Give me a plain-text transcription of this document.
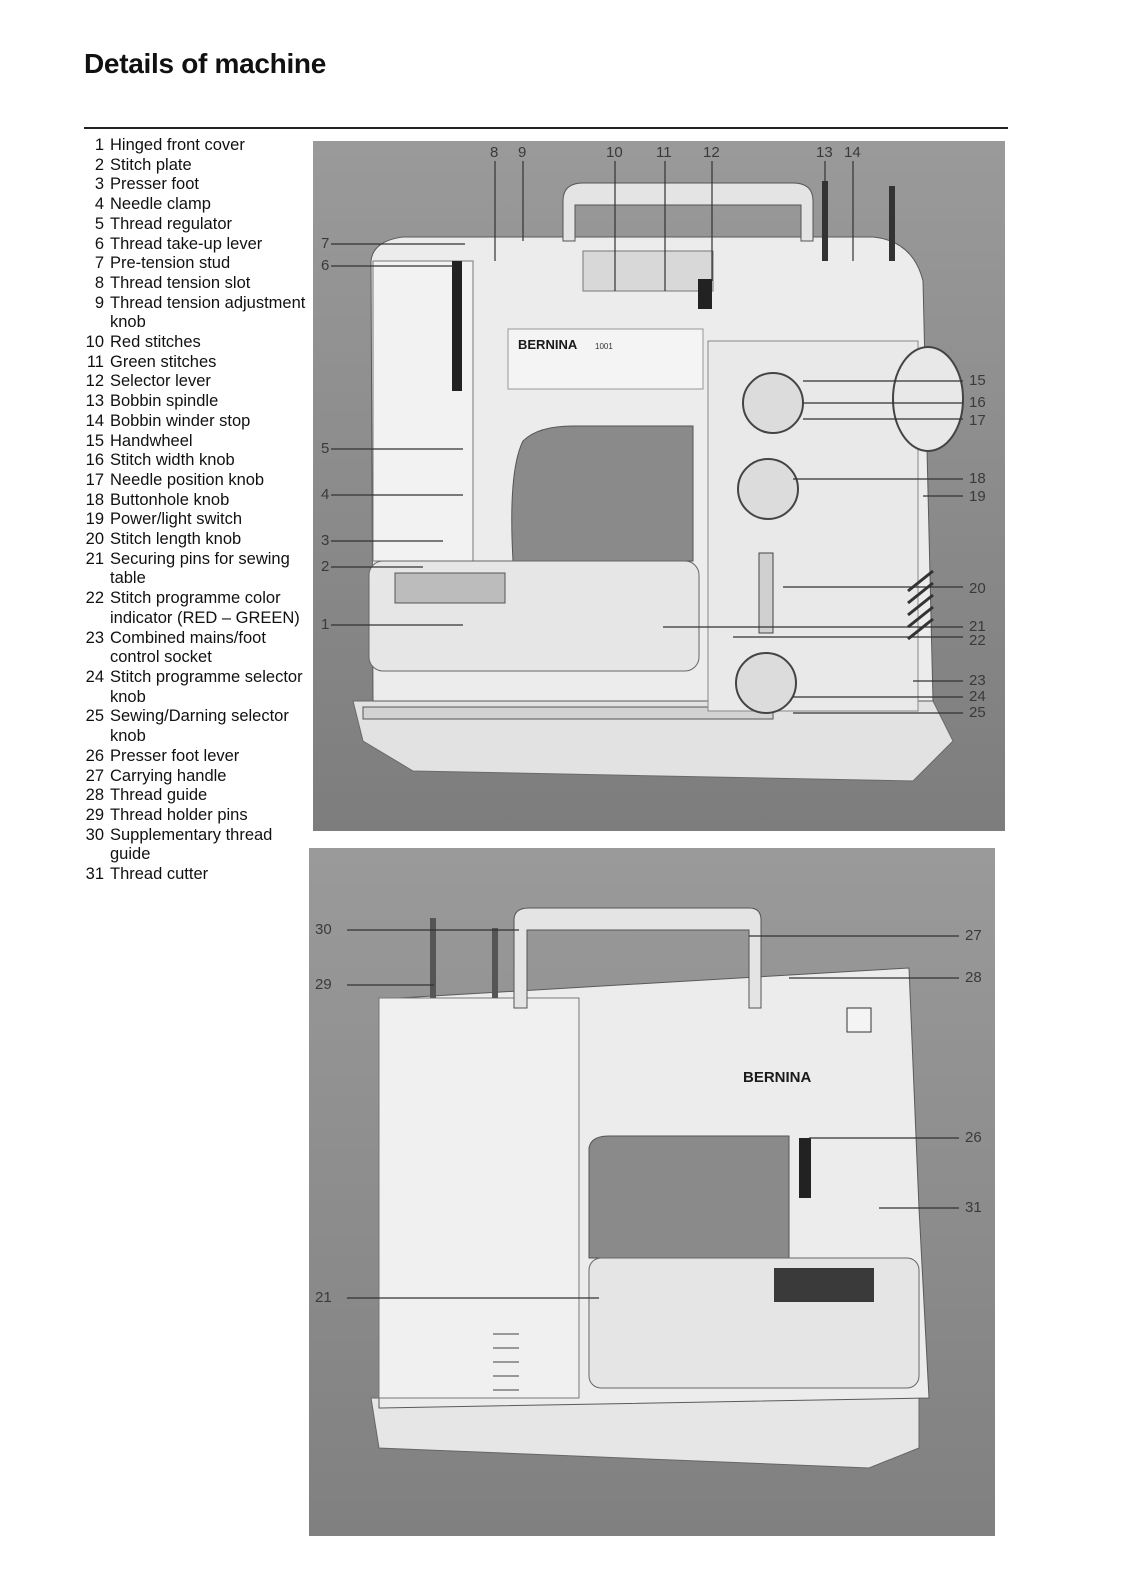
Details of machine
1 Hinged front cover
2 Stitch plate
3 Presser foot
4 Needle clamp
5 Thread regulator
6 Thread take-up lever
7 Pre-tension stud
8 Thread tension slot
9 Thread tension adjustment knob
10 Red stitches
11 Green stitches
12 Selector lever
13 Bobbin spindle
14 Bobbin winder stop
15 Handwheel
16 Stitch width knob
17 Needle position knob
18 Buttonhole knob
19 Power/light switch
20 Stitch length knob
21 Securing pins for sewing table
22 Stitch programme color indicator (RED – GREEN)
23 Combined mains/foot control socket
24 Stitch programme selector knob
25 Sewing/Darning selector knob
26 Presser foot lever
27 Carrying handle
28 Thread guide
29 Thread holder pins
30 Supplementary thread guide
31 Thread cutter
BERNINA 1001
7
6
5
4
3
2
1
8 9	10 11 12	13 14
15
16
17
18
19
20
21
22
23
24
25
BERNINA
30
29
21
27
28
26
31
